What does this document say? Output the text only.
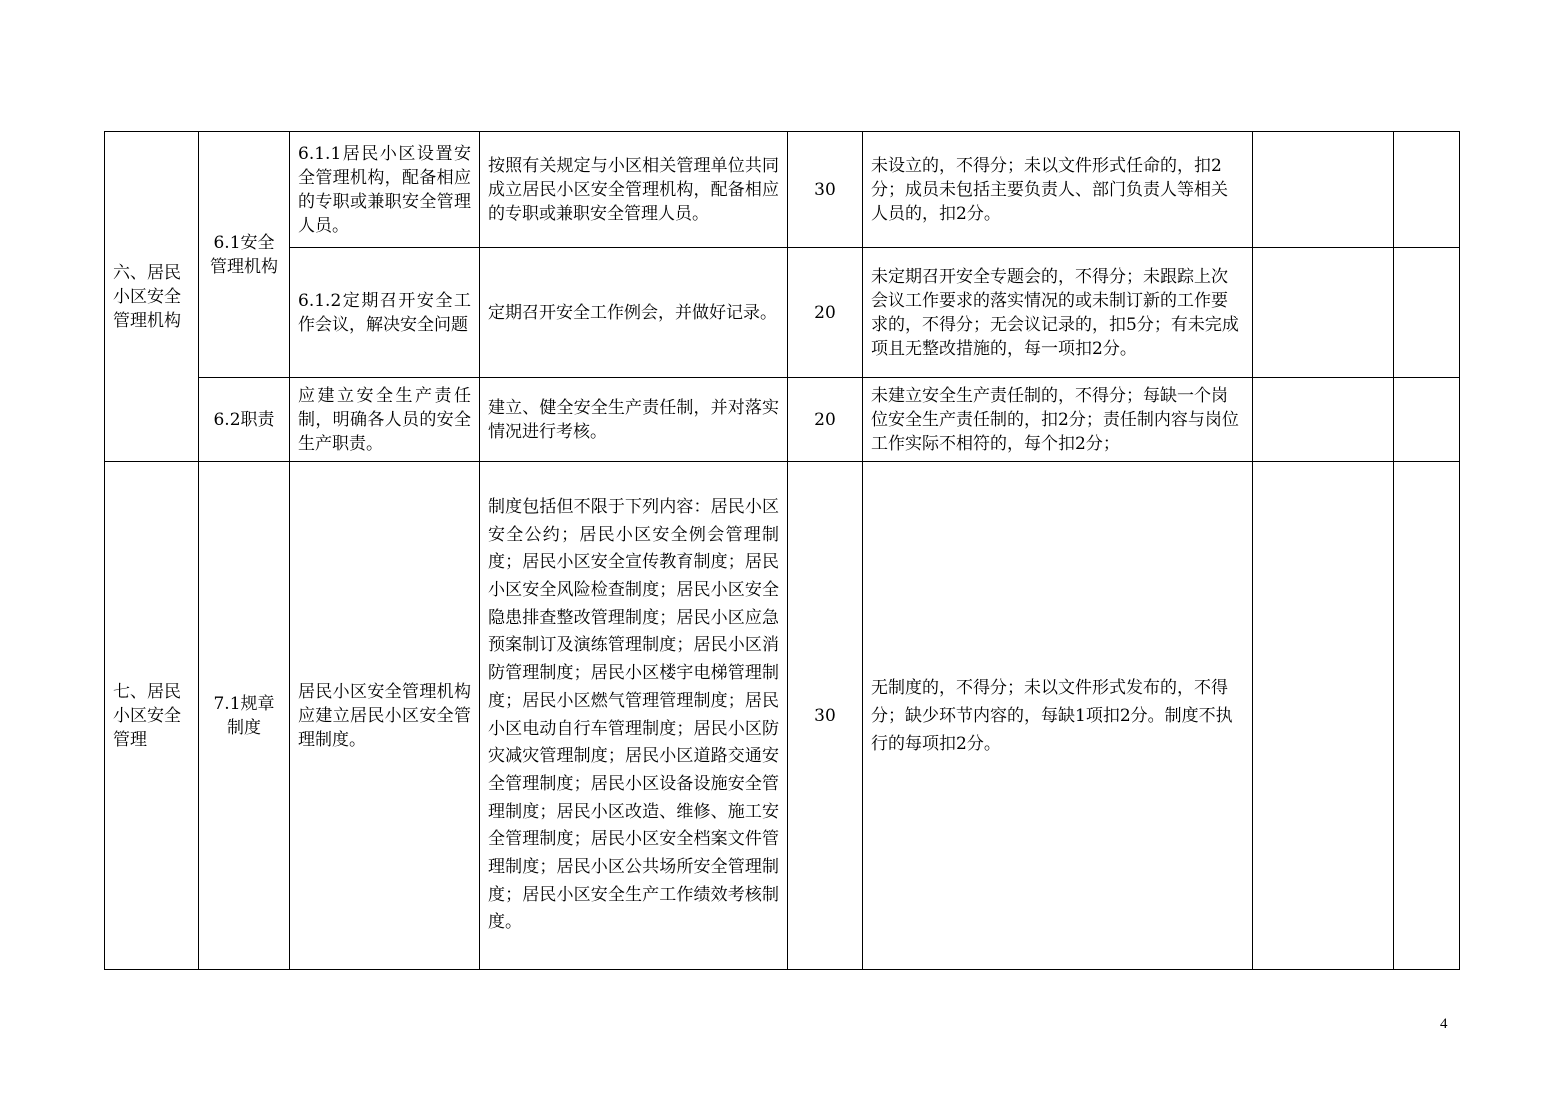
六、居民小区安全管理机构	6.1安全管理机构	6.1.1居民小区设置安全管理机构，配备相应的专职或兼职安全管理人员。	按照有关规定与小区相关管理单位共同成立居民小区安全管理机构，配备相应的专职或兼职安全管理人员。	30	未设立的，不得分；未以文件形式任命的，扣2分；成员未包括主要负责人、部门负责人等相关人员的，扣2分。		
		6.1.2定期召开安全工作会议，解决安全问题	定期召开安全工作例会，并做好记录。	20	未定期召开安全专题会的，不得分；未跟踪上次会议工作要求的落实情况的或未制订新的工作要求的，不得分；无会议记录的，扣5分；有未完成项且无整改措施的，每一项扣2分。		
	6.2职责	应建立安全生产责任制，明确各人员的安全生产职责。	建立、健全安全生产责任制，并对落实情况进行考核。	20	未建立安全生产责任制的，不得分；每缺一个岗位安全生产责任制的，扣2分；责任制内容与岗位工作实际不相符的，每个扣2分；		
七、居民小区安全管理	7.1规章制度	居民小区安全管理机构应建立居民小区安全管理制度。	制度包括但不限于下列内容：居民小区安全公约；居民小区安全例会管理制度；居民小区安全宣传教育制度；居民小区安全风险检查制度；居民小区安全隐患排查整改管理制度；居民小区应急预案制订及演练管理制度；居民小区消防管理制度；居民小区楼宇电梯管理制度；居民小区燃气管理管理制度；居民小区电动自行车管理制度；居民小区防灾减灾管理制度；居民小区道路交通安全管理制度；居民小区设备设施安全管理制度；居民小区改造、维修、施工安全管理制度；居民小区安全档案文件管理制度；居民小区公共场所安全管理制度；居民小区安全生产工作绩效考核制度。	30	无制度的，不得分；未以文件形式发布的，不得分；缺少环节内容的，每缺1项扣2分。制度不执行的每项扣2分。		
4
